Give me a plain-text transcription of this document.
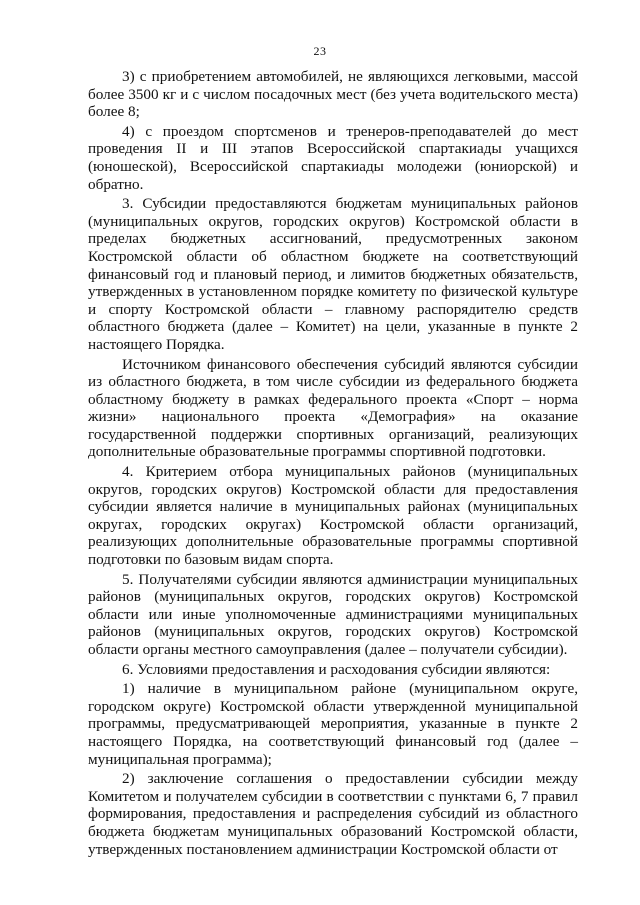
23

3) с приобретением автомобилей, не являющихся легковыми, массой более 3500 кг и с числом посадочных мест (без учета водительского места) более 8;

4) с проездом спортсменов и тренеров-преподавателей до мест проведения II и III этапов Всероссийской спартакиады учащихся (юношеской), Всероссийской спартакиады молодежи (юниорской) и обратно.

3. Субсидии предоставляются бюджетам муниципальных районов (муниципальных округов, городских округов) Костромской области в пределах бюджетных ассигнований, предусмотренных законом Костромской области об областном бюджете на соответствующий финансовый год и плановый период, и лимитов бюджетных обязательств, утвержденных в установленном порядке комитету по физической культуре и спорту Костромской области – главному распорядителю средств областного бюджета (далее – Комитет) на цели, указанные в пункте 2 настоящего Порядка.

Источником финансового обеспечения субсидий являются субсидии из областного бюджета, в том числе субсидии из федерального бюджета областному бюджету в рамках федерального проекта «Спорт – норма жизни» национального проекта «Демография» на оказание государственной поддержки спортивных организаций, реализующих дополнительные образовательные программы спортивной подготовки.

4. Критерием отбора муниципальных районов (муниципальных округов, городских округов) Костромской области для предоставления субсидии является наличие в муниципальных районах (муниципальных округах, городских округах) Костромской области организаций, реализующих дополнительные образовательные программы спортивной подготовки по базовым видам спорта.

5. Получателями субсидии являются администрации муниципальных районов (муниципальных округов, городских округов) Костромской области или иные уполномоченные администрациями муниципальных районов (муниципальных округов, городских округов) Костромской области органы местного самоуправления (далее – получатели субсидии).

6. Условиями предоставления и расходования субсидии являются:

1) наличие в муниципальном районе (муниципальном округе, городском округе) Костромской области утвержденной муниципальной программы, предусматривающей мероприятия, указанные в пункте 2 настоящего Порядка, на соответствующий финансовый год (далее – муниципальная программа);

2) заключение соглашения о предоставлении субсидии между Комитетом и получателем субсидии в соответствии с пунктами 6, 7 правил формирования, предоставления и распределения субсидий из областного бюджета бюджетам муниципальных образований Костромской области, утвержденных постановлением администрации Костромской области от
